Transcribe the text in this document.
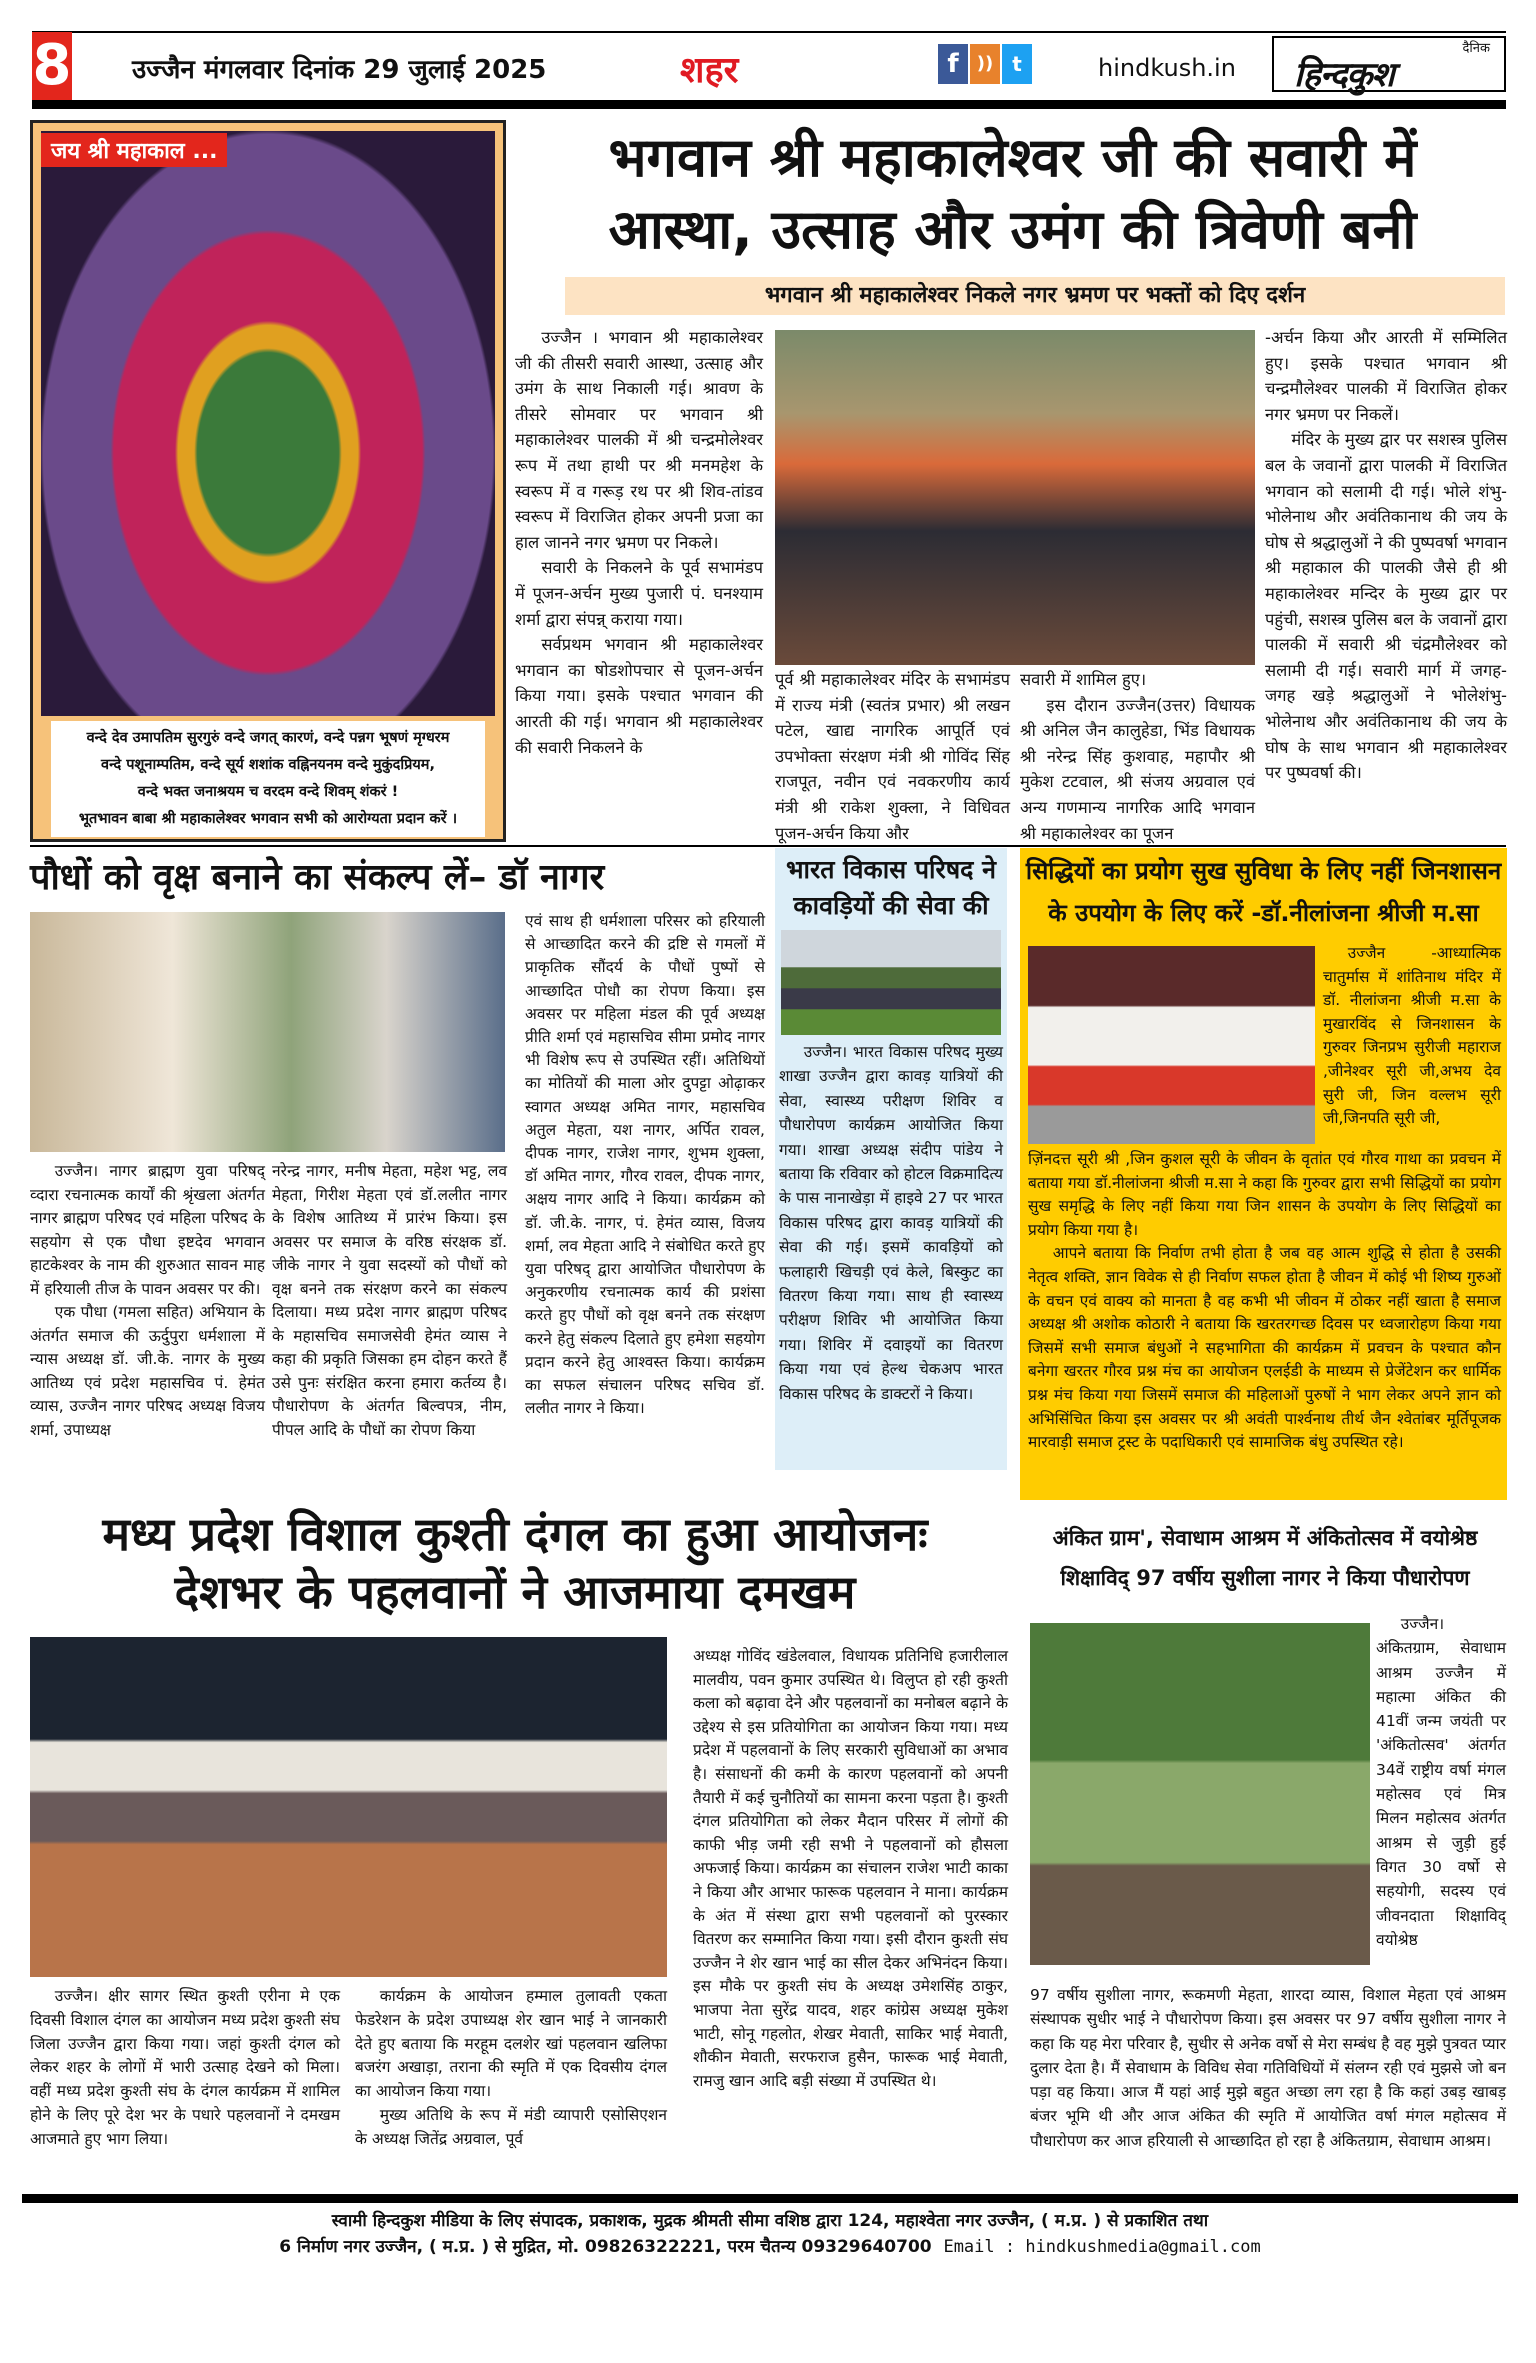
8 उज्जैन मंगलवार दिनांक 29 जुलाई 2025	शहर	f	)) t	hindkush.in
दैनिक
हिन्दकुश
जय श्री महाकाल ...
वन्दे देव उमापतिम सुरगुरुं वन्दे जगत् कारणं, वन्दे पन्नग भूषणं मृग्धरम
वन्दे पशूनाम्पतिम, वन्दे सूर्य शशांक वह्निनयनम वन्दे मुकुंदप्रियम,
वन्दे भक्त जनाश्रयम च वरदम वन्दे शिवम् शंकरं !
भूतभावन बाबा श्री महाकालेश्वर भगवान सभी को आरोग्यता प्रदान करें ।
भगवान श्री महाकालेश्वर जी की सवारी में
आस्था, उत्साह और उमंग की त्रिवेणी बनी
भगवान श्री महाकालेश्वर निकले नगर भ्रमण पर भक्तों को दिए दर्शन

उज्जैन । भगवान श्री महाकालेश्वर जी की तीसरी सवारी आस्था, उत्साह और उमंग के साथ निकाली गई। श्रावण के तीसरे सोमवार पर भगवान श्री महाकालेश्वर पालकी में श्री चन्द्रमोलेश्वर रूप में तथा हाथी पर श्री मनमहेश के स्वरूप में व गरूड़ रथ पर श्री शिव-तांडव स्वरूप में विराजित होकर अपनी प्रजा का हाल जानने नगर भ्रमण पर निकले।

सवारी के निकलने के पूर्व सभामंडप में पूजन-अर्चन मुख्य पुजारी पं. घनश्याम शर्मा द्वारा संपन्न् कराया गया।

सर्वप्रथम भगवान श्री महाकालेश्वर भगवान का षोडशोपचार से पूजन-अर्चन किया गया। इसके पश्चात भगवान की आरती की गई। भगवान श्री महाकालेश्वर की सवारी निकलने के

पूर्व श्री महाकालेश्वर मंदिर के सभामंडप में राज्य मंत्री (स्वतंत्र प्रभार) श्री लखन पटेल, खाद्य नागरिक आपूर्ति एवं उपभोक्ता संरक्षण मंत्री श्री गोविंद सिंह राजपूत, नवीन एवं नवकरणीय कार्य मंत्री श्री राकेश शुक्ला, ने विधिवत पूजन-अर्चन किया और

सवारी में शामिल हुए।

इस दौरान उज्जैन(उत्तर) विधायक श्री अनिल जैन कालुहेडा, भिंड विधायक श्री नरेन्द्र सिंह कुशवाह, महापौर श्री मुकेश टटवाल, श्री संजय अग्रवाल एवं अन्य गणमान्य नागरिक आदि भगवान श्री महाकालेश्वर का पूजन

-अर्चन किया और आरती में सम्मिलित हुए। इसके पश्चात भगवान श्री चन्द्रमौलेश्वर पालकी में विराजित होकर नगर भ्रमण पर निकलें।

मंदिर के मुख्य द्वार पर सशस्त्र पुलिस बल के जवानों द्वारा पालकी में विराजित भगवान को सलामी दी गई। भोले शंभु-भोलेनाथ और अवंतिकानाथ की जय के घोष से श्रद्धालुओं ने की पुष्पवर्षा भगवान श्री महाकाल की पालकी जैसे ही श्री महाकालेश्वर मन्दिर के मुख्य द्वार पर पहुंची, सशस्त्र पुलिस बल के जवानों द्वारा पालकी में सवारी श्री चंद्रमौलेश्वर को सलामी दी गई। सवारी मार्ग में जगह-जगह खड़े श्रद्धालुओं ने भोलेशंभु-भोलेनाथ और अवंतिकानाथ की जय के घोष के साथ भगवान श्री महाकालेश्वर पर पुष्पवर्षा की।

पौधों को वृक्ष बनाने का संकल्प लें– डॉ नागर

उज्जैन। नागर ब्राह्मण युवा परिषद् व्दारा रचनात्मक कार्यों की श्रृंखला अंतर्गत नागर ब्राह्मण परिषद एवं महिला परिषद के सहयोग से एक पौधा इष्टदेव भगवान हाटकेश्वर के नाम की शुरुआत सावन माह में हरियाली तीज के पावन अवसर पर की।

एक पौधा (गमला सहित) अभियान के अंतर्गत समाज की ऊर्दुपुरा धर्मशाला में न्यास अध्यक्ष डॉ. जी.के. नागर के मुख्य आतिथ्य एवं प्रदेश महासचिव पं. हेमंत व्यास, उज्जैन नागर परिषद अध्यक्ष विजय शर्मा, उपाध्यक्ष

नरेन्द्र नागर, मनीष मेहता, महेश भट्ट, लव मेहता, गिरीश मेहता एवं डॉ.ललीत नागर के विशेष आतिथ्य में प्रारंभ किया। इस अवसर पर समाज के वरिष्ठ संरक्षक डॉ. जीके नागर ने युवा सदस्यों को पौधों को वृक्ष बनने तक संरक्षण करने का संकल्प दिलाया। मध्य प्रदेश नागर ब्राह्मण परिषद के महासचिव समाजसेवी हेमंत व्यास ने कहा की प्रकृति जिसका हम दोहन करते हैं उसे पुनः संरक्षित करना हमारा कर्तव्य है। पौधारोपण के अंतर्गत बिल्वपत्र, नीम, पीपल आदि के पौधों का रोपण किया

एवं साथ ही धर्मशाला परिसर को हरियाली से आच्छादित करने की द्रष्टि से गमलों में प्राकृतिक सौंदर्य के पौधों पुष्पों से आच्छादित पोधौ का रोपण किया। इस अवसर पर महिला मंडल की पूर्व अध्यक्ष प्रीति शर्मा एवं महासचिव सीमा प्रमोद नागर भी विशेष रूप से उपस्थित रहीं। अतिथियों का मोतियों की माला ओर दुपट्टा ओढ़ाकर स्वागत अध्यक्ष अमित नागर, महासचिव अतुल मेहता, यश नागर, अर्पित रावल, दीपक नागर, राजेश नागर, शुभम शुक्ला, डॉ अमित नागर, गौरव रावल, दीपक नागर, अक्षय नागर आदि ने किया। कार्यक्रम को डॉ. जी.के. नागर, पं. हेमंत व्यास, विजय शर्मा, लव मेहता आदि ने संबोधित करते हुए युवा परिषद् द्वारा आयोजित पौधारोपण के अनुकरणीय रचनात्मक कार्य की प्रशंसा करते हुए पौधों को वृक्ष बनने तक संरक्षण करने हेतु संकल्प दिलाते हुए हमेशा सहयोग प्रदान करने हेतु आश्वस्त किया। कार्यक्रम का सफल संचालन परिषद सचिव डॉ. ललीत नागर ने किया।

भारत विकास परिषद ने
कावड़ियों की सेवा की

उज्जैन। भारत विकास परिषद मुख्य शाखा उज्जैन द्वारा कावड़ यात्रियों की सेवा, स्वास्थ्य परीक्षण शिविर व पौधारोपण कार्यक्रम आयोजित किया गया। शाखा अध्यक्ष संदीप पांडेय ने बताया कि रविवार को होटल विक्रमादित्य के पास नानाखेड़ा में हाइवे 27 पर भारत विकास परिषद द्वारा कावड़ यात्रियों की सेवा की गई। इसमें कावड़ियों को फलाहारी खिचड़ी एवं केले, बिस्कुट का वितरण किया गया। साथ ही स्वास्थ्य परीक्षण शिविर भी आयोजित किया गया। शिविर में दवाइयों का वितरण किया गया एवं हेल्थ चेकअप भारत विकास परिषद के डाक्टरों ने किया।

सिद्धियों का प्रयोग सुख सुविधा के लिए नहीं जिनशासन
के उपयोग के लिए करें -डॉ.नीलांजना श्रीजी म.सा

उज्जैन -आध्यात्मिक चातुर्मास में शांतिनाथ मंदिर में डॉ. नीलांजना श्रीजी म.सा के मुखारविंद से जिनशासन के गुरुवर जिनप्रभ सुरीजी महाराज ,जीनेश्वर सूरी जी,अभय देव सुरी जी, जिन वल्लभ सूरी जी,जिनपति सूरी जी,

ज़िंनदत्त सूरी श्री ,जिन कुशल सूरी के जीवन के वृतांत एवं गौरव गाथा का प्रवचन में बताया गया डॉ.नीलांजना श्रीजी म.सा ने कहा कि गुरुवर द्वारा सभी सिद्धियों का प्रयोग सुख समृद्धि के लिए नहीं किया गया जिन शासन के उपयोग के लिए सिद्धियों का प्रयोग किया गया है।

आपने बताया कि निर्वाण तभी होता है जब वह आत्म शुद्धि से होता है उसकी नेतृत्व शक्ति, ज्ञान विवेक से ही निर्वाण सफल होता है जीवन में कोई भी शिष्य गुरुओं के वचन एवं वाक्य को मानता है वह कभी भी जीवन में ठोकर नहीं खाता है समाज अध्यक्ष श्री अशोक कोठारी ने बताया कि खरतरगच्छ दिवस पर ध्वजारोहण किया गया जिसमें सभी समाज बंधुओं ने सहभागिता की कार्यक्रम में प्रवचन के पश्चात कौन बनेगा खरतर गौरव प्रश्न मंच का आयोजन एलईडी के माध्यम से प्रेजेंटेशन कर धार्मिक प्रश्न मंच किया गया जिसमें समाज की महिलाओं पुरुषों ने भाग लेकर अपने ज्ञान को अभिसिंचित किया इस अवसर पर श्री अवंती पार्श्वनाथ तीर्थ जैन श्वेतांबर मूर्तिपूजक मारवाड़ी समाज ट्रस्ट के पदाधिकारी एवं सामाजिक बंधु उपस्थित रहे।

मध्य प्रदेश विशाल कुश्ती दंगल का हुआ आयोजनः
देशभर के पहलवानों ने आजमाया दमखम

उज्जैन। क्षीर सागर स्थित कुश्ती एरीना मे एक दिवसी विशाल दंगल का आयोजन मध्य प्रदेश कुश्ती संघ जिला उज्जैन द्वारा किया गया। जहां कुश्ती दंगल को लेकर शहर के लोगों में भारी उत्साह देखने को मिला। वहीं मध्य प्रदेश कुश्ती संघ के दंगल कार्यक्रम में शामिल होने के लिए पूरे देश भर के पधारे पहलवानों ने दमखम आजमाते हुए भाग लिया।

कार्यक्रम के आयोजन हम्माल तुलावती एकता फेडरेशन के प्रदेश उपाध्यक्ष शेर खान भाई ने जानकारी देते हुए बताया कि मरहूम दलशेर खां पहलवान खलिफा बजरंग अखाड़ा, तराना की स्मृति में एक दिवसीय दंगल का आयोजन किया गया।

मुख्य अतिथि के रूप में मंडी व्यापारी एसोसिएशन के अध्यक्ष जितेंद्र अग्रवाल, पूर्व

अध्यक्ष गोविंद खंडेलवाल, विधायक प्रतिनिधि हजारीलाल मालवीय, पवन कुमार उपस्थित थे। विलुप्त हो रही कुश्ती कला को बढ़ावा देने और पहलवानों का मनोबल बढ़ाने के उद्देश्य से इस प्रतियोगिता का आयोजन किया गया। मध्य प्रदेश में पहलवानों के लिए सरकारी सुविधाओं का अभाव है। संसाधनों की कमी के कारण पहलवानों को अपनी तैयारी में कई चुनौतियों का सामना करना पड़ता है। कुश्ती दंगल प्रतियोगिता को लेकर मैदान परिसर में लोगों की काफी भीड़ जमी रही सभी ने पहलवानों को हौसला अफजाई किया। कार्यक्रम का संचालन राजेश भाटी काका ने किया और आभार फारूक पहलवान ने माना। कार्यक्रम के अंत में संस्था द्वारा सभी पहलवानों को पुरस्कार वितरण कर सम्मानित किया गया। इसी दौरान कुश्ती संघ उज्जैन ने शेर खान भाई का सील देकर अभिनंदन किया। इस मौके पर कुश्ती संघ के अध्यक्ष उमेशसिंह ठाकुर, भाजपा नेता सुरेंद्र यादव, शहर कांग्रेस अध्यक्ष मुकेश भाटी, सोनू गहलोत, शेखर मेवाती, साकिर भाई मेवाती, शौकीन मेवाती, सरफराज हुसैन, फारूक भाई मेवाती, रामजु खान आदि बड़ी संख्या में उपस्थित थे।

अंकित ग्राम', सेवाधाम आश्रम में अंकितोत्सव में वयोश्रेष्ठ
शिक्षाविद् 97 वर्षीय सुशीला नागर ने किया पौधारोपण

उज्जैन। अंकितग्राम, सेवाधाम आश्रम उज्जैन में महात्मा अंकित की 41वीं जन्म जयंती पर 'अंकितोत्सव' अंतर्गत 34वें राष्ट्रीय वर्षा मंगल महोत्सव एवं मित्र मिलन महोत्सव अंतर्गत आश्रम से जुड़ी हुई विगत 30 वर्षो से सहयोगी, सदस्य एवं जीवनदाता शिक्षाविद् वयोश्रेष्ठ

97 वर्षीय सुशीला नागर, रूकमणी मेहता, शारदा व्यास, विशाल मेहता एवं आश्रम संस्थापक सुधीर भाई ने पौधारोपण किया। इस अवसर पर 97 वर्षीय सुशीला नागर ने कहा कि यह मेरा परिवार है, सुधीर से अनेक वर्षो से मेरा सम्बंध है वह मुझे पुत्रवत प्यार दुलार देता है। मैं सेवाधाम के विविध सेवा गतिविधियों में संलग्न रही एवं मुझसे जो बन पड़ा वह किया। आज मैं यहां आई मुझे बहुत अच्छा लग रहा है कि कहां उबड़ खाबड़ बंजर भूमि थी और आज अंकित की स्मृति में आयोजित वर्षा मंगल महोत्सव में पौधारोपण कर आज हरियाली से आच्छादित हो रहा है अंकितग्राम, सेवाधाम आश्रम।

स्वामी हिन्दकुश मीडिया के लिए संपादक, प्रकाशक, मुद्रक श्रीमती सीमा वशिष्ठ द्वारा 124, महाश्वेता नगर उज्जैन, ( म.प्र. ) से प्रकाशित तथा
6 निर्माण नगर उज्जैन, ( म.प्र. ) से मुद्रित, मो. 09826322221, परम चैतन्य 09329640700 Email : hindkushmedia@gmail.com
